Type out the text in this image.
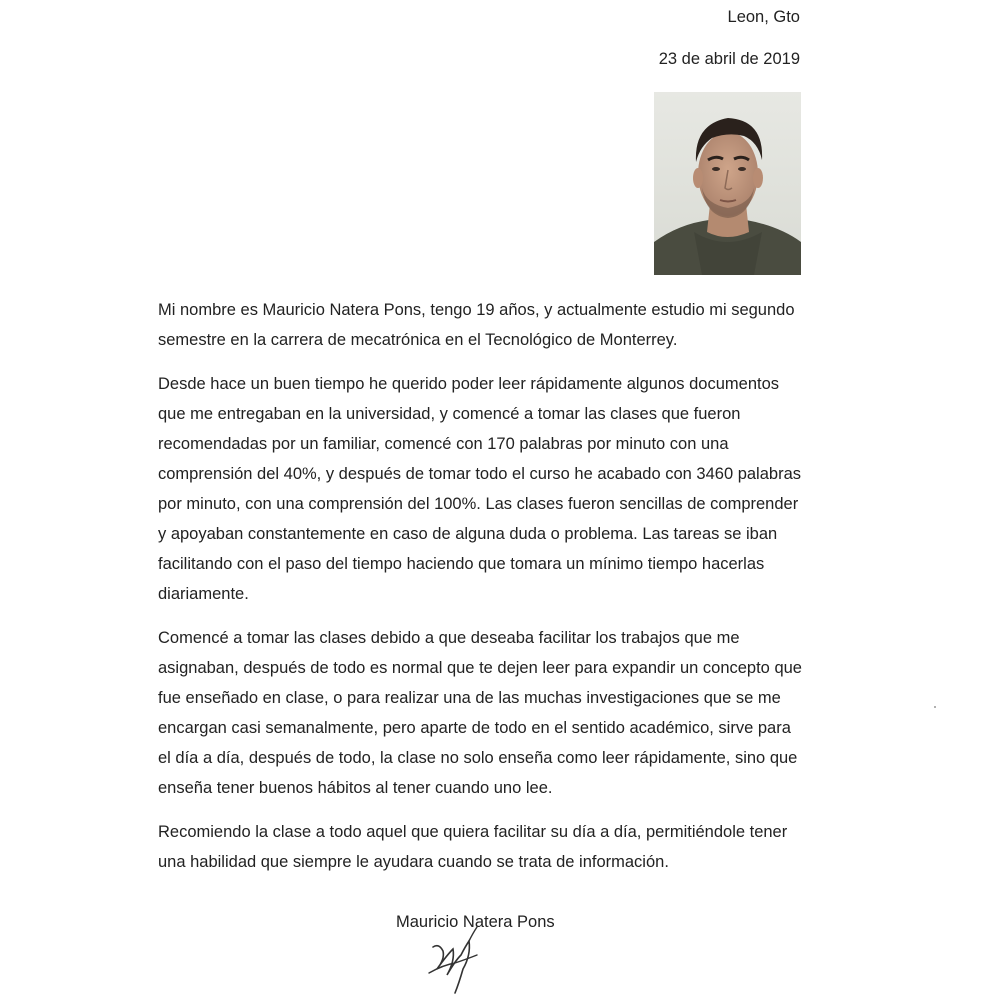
Leon, Gto
23 de abril de 2019

Mi nombre es Mauricio Natera Pons, tengo 19 años, y actualmente estudio mi segundo semestre en la carrera de mecatrónica en el Tecnológico de Monterrey.

Desde hace un buen tiempo he querido poder leer rápidamente algunos documentos que me entregaban en la universidad, y comencé a tomar las clases que fueron recomendadas por un familiar, comencé con 170 palabras por minuto con una comprensión del 40%, y después de tomar todo el curso he acabado con 3460 palabras por minuto, con una comprensión del 100%. Las clases fueron sencillas de comprender y apoyaban constantemente en caso de alguna duda o problema. Las tareas se iban facilitando con el paso del tiempo haciendo que tomara un mínimo tiempo hacerlas diariamente.

Comencé a tomar las clases debido a que deseaba facilitar los trabajos que me asignaban, después de todo es normal que te dejen leer para expandir un concepto que fue enseñado en clase, o para realizar una de las muchas investigaciones que se me encargan casi semanalmente, pero aparte de todo en el sentido académico, sirve para el día a día, después de todo, la clase no solo enseña como leer rápidamente, sino que enseña tener buenos hábitos al tener cuando uno lee.

Recomiendo la clase a todo aquel que quiera facilitar su día a día, permitiéndole tener una habilidad que siempre le ayudara cuando se trata de información.

Mauricio Natera Pons
